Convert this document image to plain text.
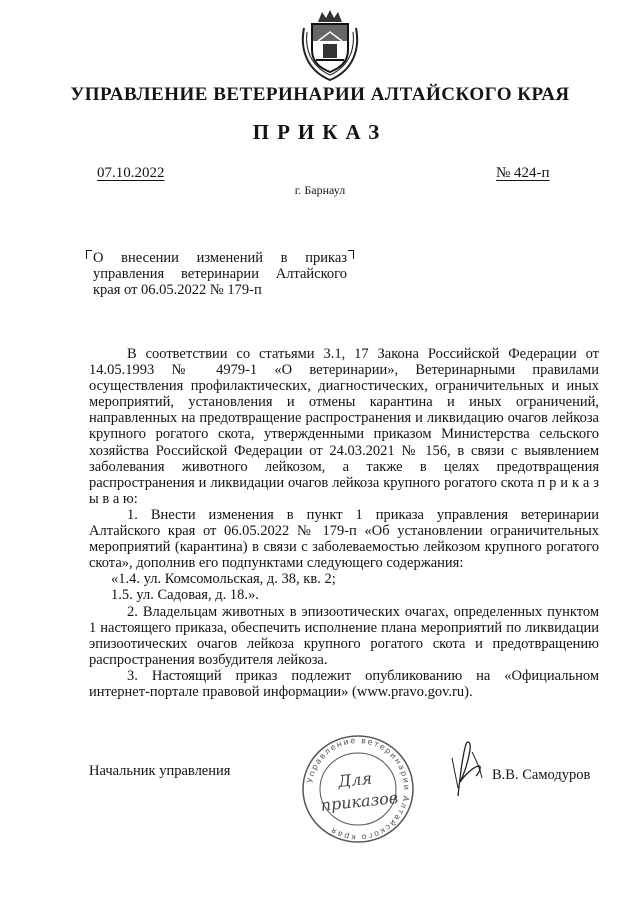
УПРАВЛЕНИЕ ВЕТЕРИНАРИИ АЛТАЙСКОГО КРАЯ
ПРИКАЗ
07.10.2022	№ 424-п
г. Барнаул
О внесении изменений в приказ управления ветеринарии Алтайского края от 06.05.2022 № 179-п

В соответствии со статьями 3.1, 17 Закона Российской Федерации от 14.05.1993 № 4979-1 «О ветеринарии», Ветеринарными правилами осуществления профилактических, диагностических, ограничительных и иных мероприятий, установления и отмены карантина и иных ограничений, направленных на предотвращение распространения и ликвидацию очагов лейкоза крупного рогатого скота, утвержденными приказом Министерства сельского хозяйства Российской Федерации от 24.03.2021 № 156, в связи с выявлением заболевания животного лейкозом, а также в целях предотвращения распространения и ликвидации очагов лейкоза крупного рогатого скота п р и к а з ы в а ю:

1. Внести изменения в пункт 1 приказа управления ветеринарии Алтайского края от 06.05.2022 № 179-п «Об установлении ограничительных мероприятий (карантина) в связи с заболеваемостью лейкозом крупного рогатого скота», дополнив его подпунктами следующего содержания:

«1.4. ул. Комсомольская, д. 38, кв. 2;

1.5. ул. Садовая, д. 18.».

2. Владельцам животных в эпизоотических очагах, определенных пунктом 1 настоящего приказа, обеспечить исполнение плана мероприятий по ликвидации эпизоотических очагов лейкоза крупного рогатого скота и предотвращению распространения возбудителя лейкоза.

3. Настоящий приказ подлежит опубликованию на «Официальном интернет-портале правовой информации» (www.pravo.gov.ru).

Начальник управления
Управление ветеринарии Алтайского края
Для
приказов
В.В. Самодуров
